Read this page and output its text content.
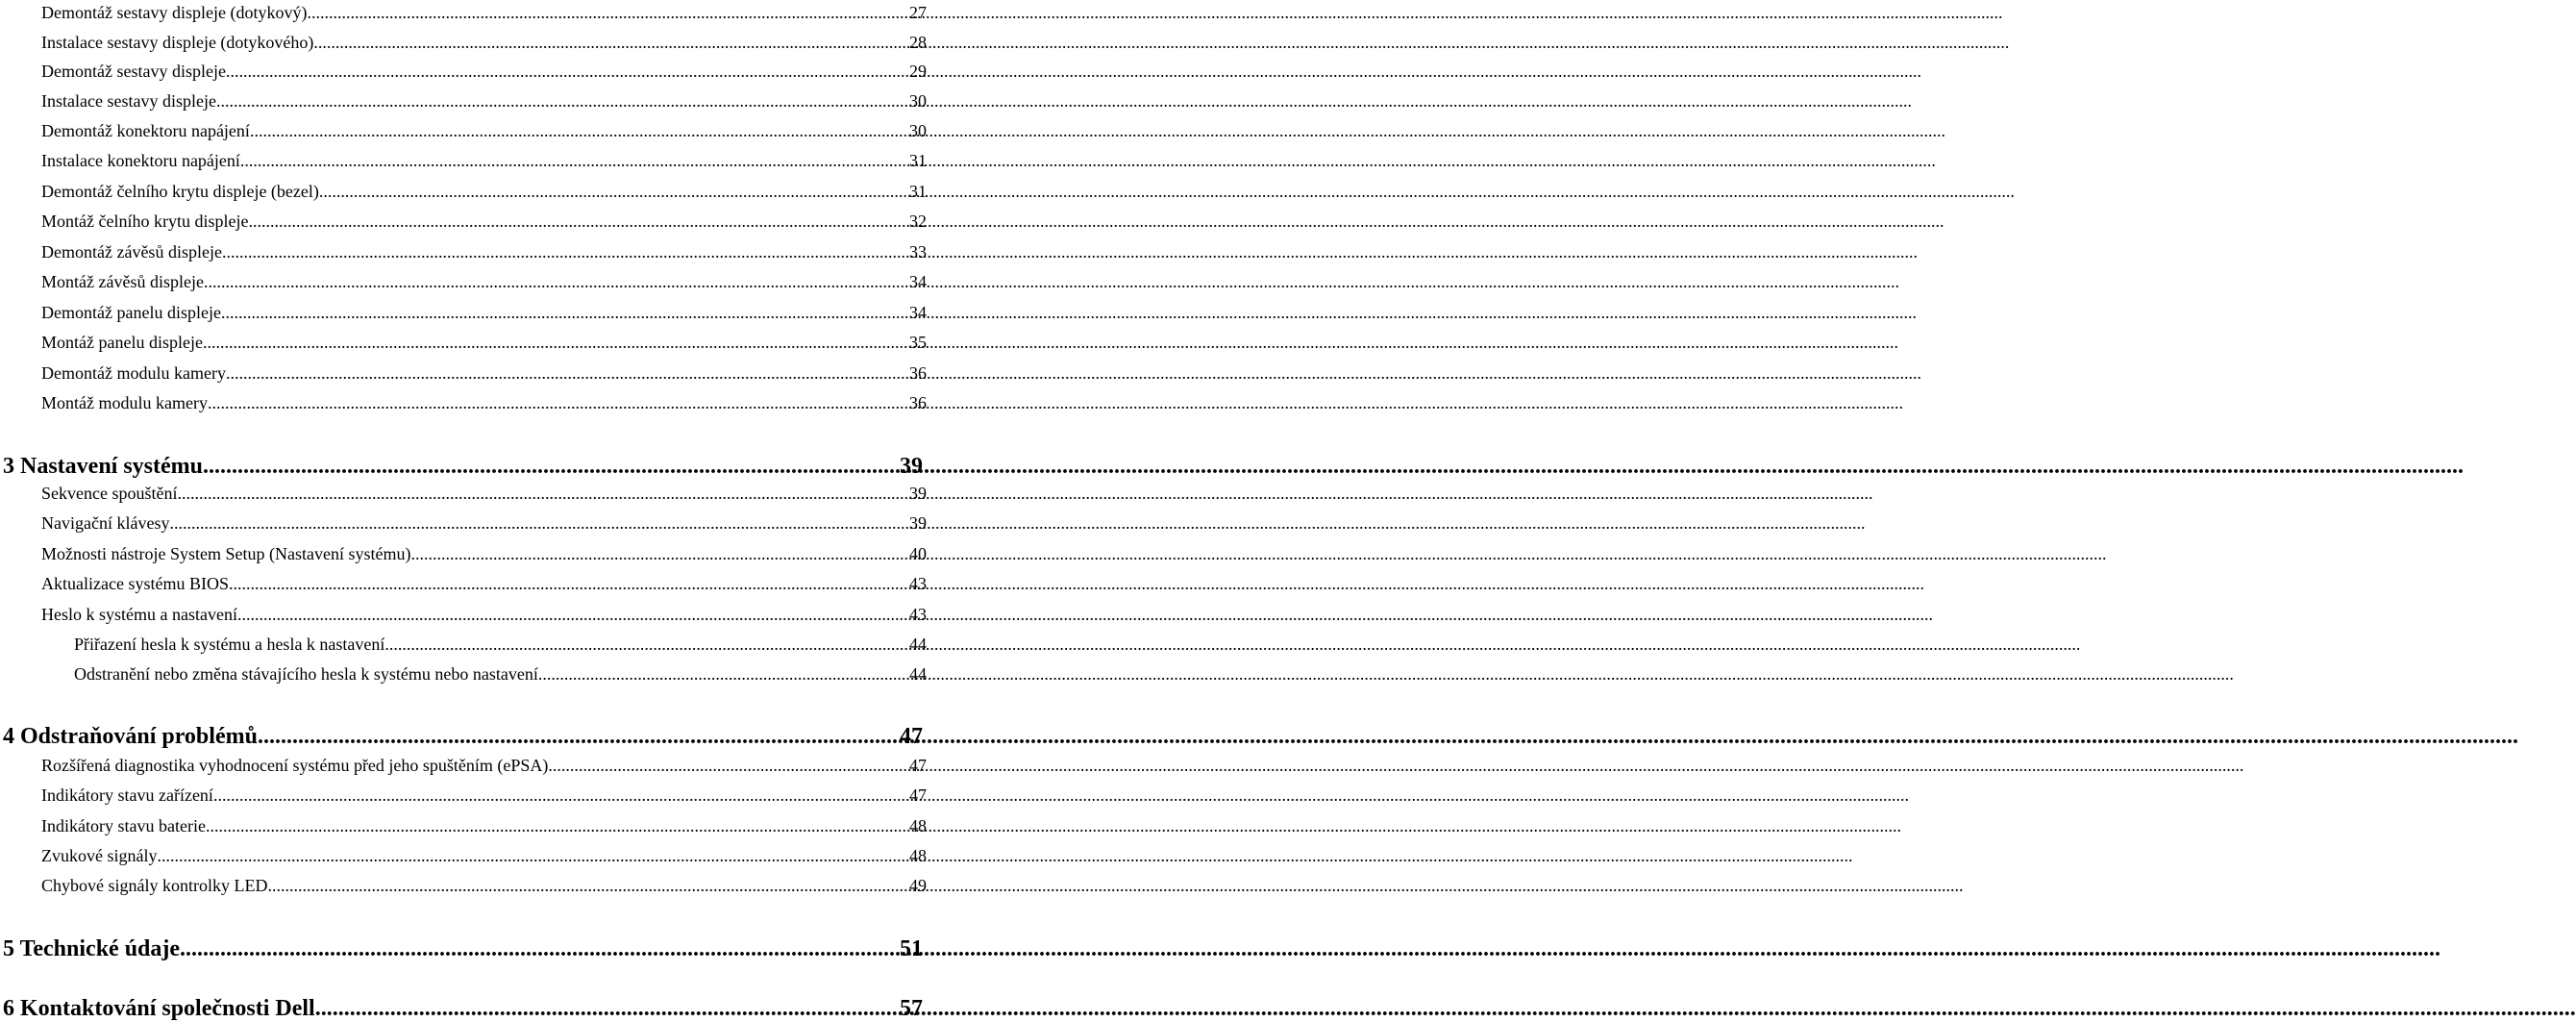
Demontáž sestavy displeje (dotykový) .....	27
Instalace sestavy displeje (dotykového) .....	28
Demontáž sestavy displeje .....	29
Instalace sestavy displeje .....	30
Demontáž konektoru napájení .....	30
Instalace konektoru napájení .....	31
Demontáž čelního krytu displeje (bezel) .....	31
Montáž čelního krytu displeje .....	32
Demontáž závěsů displeje .....	33
Montáž závěsů displeje .....	34
Demontáž panelu displeje .....	34
Montáž panelu displeje .....	35
Demontáž modulu kamery .....	36
Montáž modulu kamery .....	36
3 Nastavení systému .....	39
Sekvence spouštění .....	39
Navigační klávesy .....	39
Možnosti nástroje System Setup (Nastavení systému) .....	40
Aktualizace systému BIOS .....	43
Heslo k systému a nastavení .....	43
Přiřazení hesla k systému a hesla k nastavení .....	44
Odstranění nebo změna stávajícího hesla k systému nebo nastavení .....	44
4 Odstraňování problémů .....	47
Rozšířená diagnostika vyhodnocení systému před jeho spuštěním (ePSA) .....	47
Indikátory stavu zařízení .....	47
Indikátory stavu baterie .....	48
Zvukové signály .....	48
Chybové signály kontrolky LED .....	49
5 Technické údaje .....	51
6 Kontaktování společnosti Dell .....	57
